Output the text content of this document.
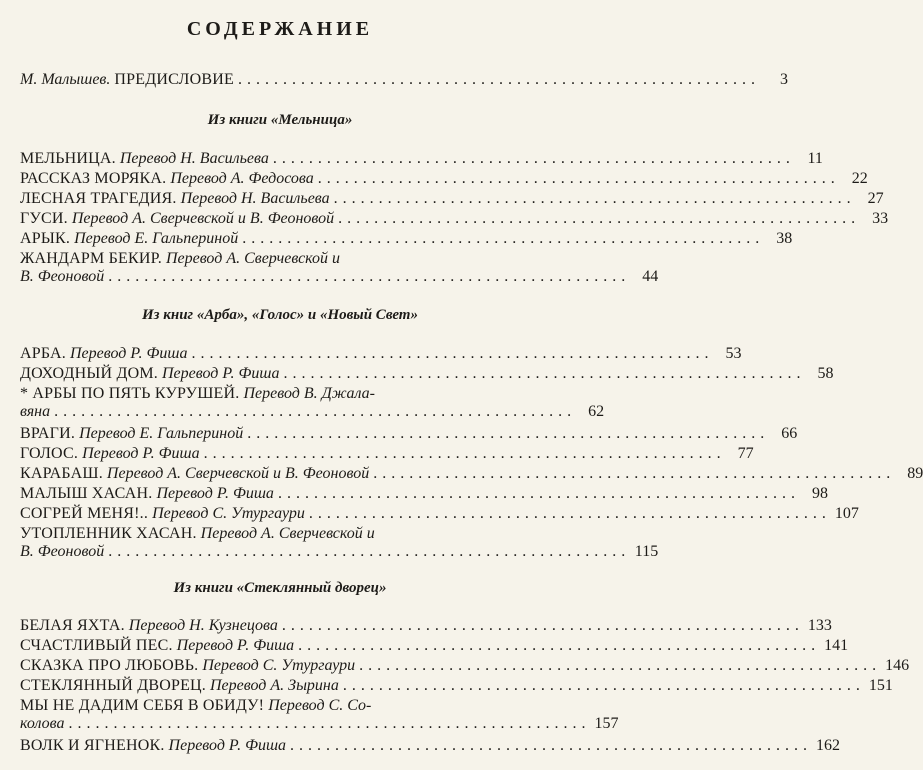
СОДЕРЖАНИЕ
М. Малышев. ПРЕДИСЛОВИЕ ..........................................................	3
Из книги «Мельница»
МЕЛЬНИЦА. Перевод Н. Васильева .......................................................... 11
РАССКАЗ МОРЯКА. Перевод А. Федосова .......................................................... 22
ЛЕСНАЯ ТРАГЕДИЯ. Перевод Н. Васильева .......................................................... 27
ГУСИ. Перевод А. Сверчевской и В. Феоновой .......................................................... 33
АРЫК. Перевод Е. Гальпериной .......................................................... 38
ЖАНДАРМ БЕКИР. Перевод А. Сверчевской и
В. Феоновой .......................................................... 44
Из книг «Арба», «Голос» и «Новый Свет»
АРБА. Перевод Р. Фиша .......................................................... 53
ДОХОДНЫЙ ДОМ. Перевод Р. Фиша .......................................................... 58
* АРБЫ ПО ПЯТЬ КУРУШЕЙ. Перевод В. Джала-
вяна .......................................................... 62
ВРАГИ. Перевод Е. Гальпериной .......................................................... 66
ГОЛОС. Перевод Р. Фиша .......................................................... 77
КАРАБАШ. Перевод А. Сверчевской и В. Феоновой .......................................................... 89
МАЛЫШ ХАСАН. Перевод Р. Фиша .......................................................... 98
СОГРЕЙ МЕНЯ!.. Перевод С. Утургаури .......................................................... 107
УТОПЛЕННИК ХАСАН. Перевод А. Сверчевской и
В. Феоновой .......................................................... 115
Из книги «Стеклянный дворец»
БЕЛАЯ ЯХТА. Перевод Н. Кузнецова .......................................................... 133
СЧАСТЛИВЫЙ ПЕС. Перевод Р. Фиша .......................................................... 141
СКАЗКА ПРО ЛЮБОВЬ. Перевод С. Утургаури .......................................................... 146
СТЕКЛЯННЫЙ ДВОРЕЦ. Перевод А. Зырина .......................................................... 151
МЫ НЕ ДАДИМ СЕБЯ В ОБИДУ! Перевод С. Со-
колова .......................................................... 157
ВОЛК И ЯГНЕНОК. Перевод Р. Фиша .......................................................... 162
